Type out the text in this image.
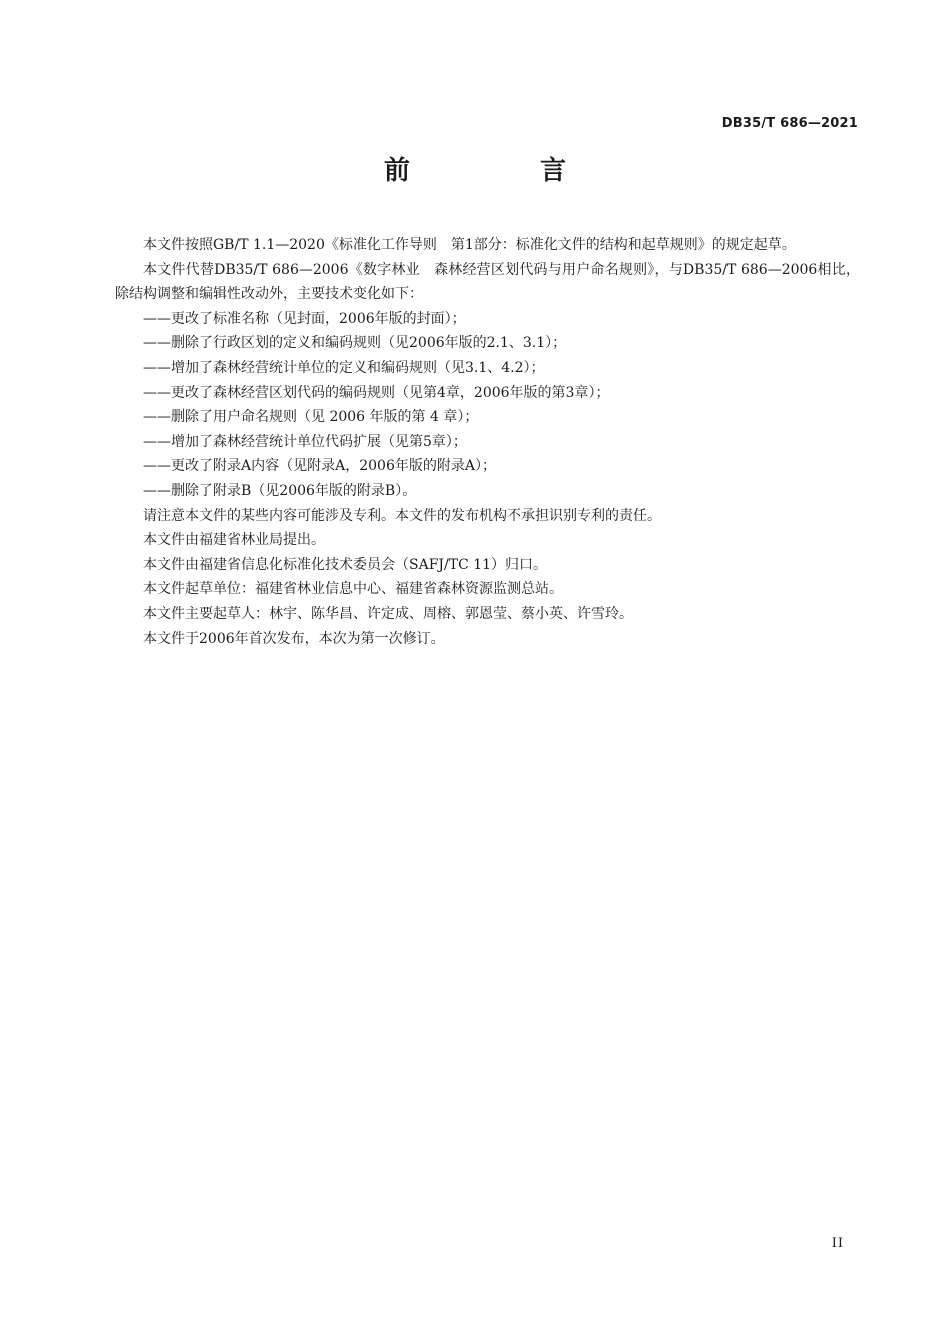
DB35/T 686—2021
前　言

本文件按照GB/T 1.1—2020《标准化工作导则　第1部分：标准化文件的结构和起草规则》的规定起草。

本文件代替DB35/T 686—2006《数字林业　森林经营区划代码与用户命名规则》，与DB35/T 686—2006相比，除结构调整和编辑性改动外，主要技术变化如下：

——更改了标准名称（见封面，2006年版的封面）；

——删除了行政区划的定义和编码规则（见2006年版的2.1、3.1）；

——增加了森林经营统计单位的定义和编码规则（见3.1、4.2）；

——更改了森林经营区划代码的编码规则（见第4章，2006年版的第3章）；

——删除了用户命名规则（见 2006 年版的第 4 章）；

——增加了森林经营统计单位代码扩展（见第5章）；

——更改了附录A内容（见附录A，2006年版的附录A）；

——删除了附录B（见2006年版的附录B）。

请注意本文件的某些内容可能涉及专利。本文件的发布机构不承担识别专利的责任。

本文件由福建省林业局提出。

本文件由福建省信息化标准化技术委员会（SAFJ/TC 11）归口。

本文件起草单位：福建省林业信息中心、福建省森林资源监测总站。

本文件主要起草人：林宇、陈华昌、许定成、周榕、郭恩莹、蔡小英、许雪玲。

本文件于2006年首次发布，本次为第一次修订。

II
